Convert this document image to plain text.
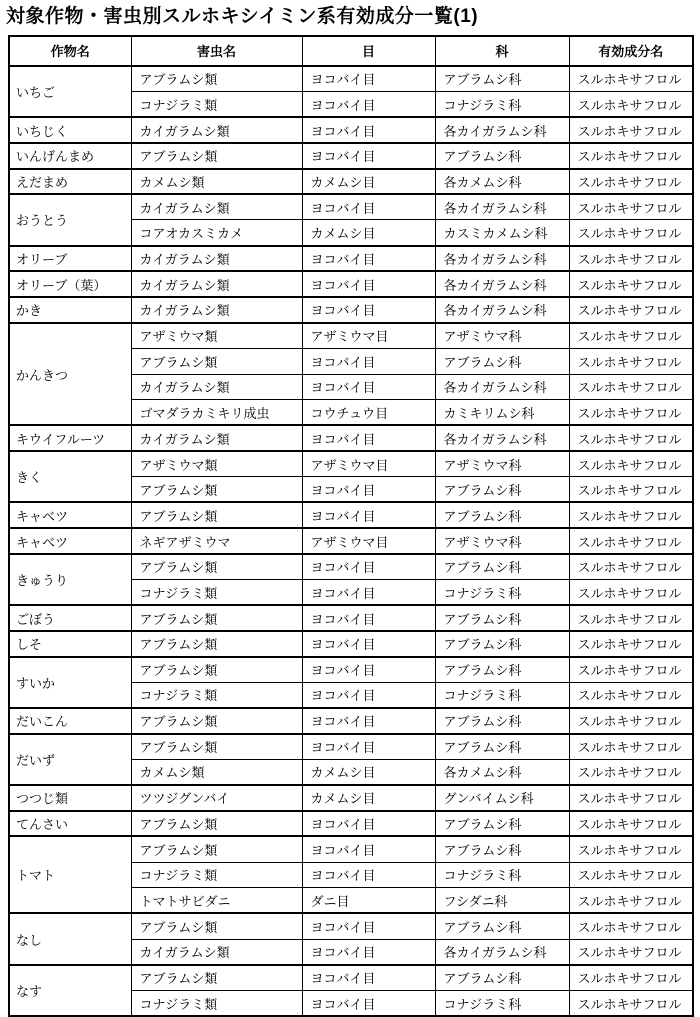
対象作物・害虫別スルホキシイミン系有効成分一覧(1)
作物名	害虫名	目	科	有効成分名
いちご	アブラムシ類	ヨコバイ目	アブラムシ科	スルホキサフロル
	コナジラミ類	ヨコバイ目	コナジラミ科	スルホキサフロル
いちじく	カイガラムシ類	ヨコバイ目	各カイガラムシ科	スルホキサフロル
いんげんまめ	アブラムシ類	ヨコバイ目	アブラムシ科	スルホキサフロル
えだまめ	カメムシ類	カメムシ目	各カメムシ科	スルホキサフロル
おうとう	カイガラムシ類	ヨコバイ目	各カイガラムシ科	スルホキサフロル
	コアオカスミカメ	カメムシ目	カスミカメムシ科	スルホキサフロル
オリーブ	カイガラムシ類	ヨコバイ目	各カイガラムシ科	スルホキサフロル
オリーブ（葉）	カイガラムシ類	ヨコバイ目	各カイガラムシ科	スルホキサフロル
かき	カイガラムシ類	ヨコバイ目	各カイガラムシ科	スルホキサフロル
かんきつ	アザミウマ類	アザミウマ目	アザミウマ科	スルホキサフロル
	アブラムシ類	ヨコバイ目	アブラムシ科	スルホキサフロル
	カイガラムシ類	ヨコバイ目	各カイガラムシ科	スルホキサフロル
	ゴマダラカミキリ成虫	コウチュウ目	カミキリムシ科	スルホキサフロル
キウイフルーツ	カイガラムシ類	ヨコバイ目	各カイガラムシ科	スルホキサフロル
きく	アザミウマ類	アザミウマ目	アザミウマ科	スルホキサフロル
	アブラムシ類	ヨコバイ目	アブラムシ科	スルホキサフロル
キャベツ	アブラムシ類	ヨコバイ目	アブラムシ科	スルホキサフロル
キャベツ	ネギアザミウマ	アザミウマ目	アザミウマ科	スルホキサフロル
きゅうり	アブラムシ類	ヨコバイ目	アブラムシ科	スルホキサフロル
	コナジラミ類	ヨコバイ目	コナジラミ科	スルホキサフロル
ごぼう	アブラムシ類	ヨコバイ目	アブラムシ科	スルホキサフロル
しそ	アブラムシ類	ヨコバイ目	アブラムシ科	スルホキサフロル
すいか	アブラムシ類	ヨコバイ目	アブラムシ科	スルホキサフロル
	コナジラミ類	ヨコバイ目	コナジラミ科	スルホキサフロル
だいこん	アブラムシ類	ヨコバイ目	アブラムシ科	スルホキサフロル
だいず	アブラムシ類	ヨコバイ目	アブラムシ科	スルホキサフロル
	カメムシ類	カメムシ目	各カメムシ科	スルホキサフロル
つつじ類	ツツジグンバイ	カメムシ目	グンバイムシ科	スルホキサフロル
てんさい	アブラムシ類	ヨコバイ目	アブラムシ科	スルホキサフロル
トマト	アブラムシ類	ヨコバイ目	アブラムシ科	スルホキサフロル
	コナジラミ類	ヨコバイ目	コナジラミ科	スルホキサフロル
	トマトサビダニ	ダニ目	フシダニ科	スルホキサフロル
なし	アブラムシ類	ヨコバイ目	アブラムシ科	スルホキサフロル
	カイガラムシ類	ヨコバイ目	各カイガラムシ科	スルホキサフロル
なす	アブラムシ類	ヨコバイ目	アブラムシ科	スルホキサフロル
	コナジラミ類	ヨコバイ目	コナジラミ科	スルホキサフロル
